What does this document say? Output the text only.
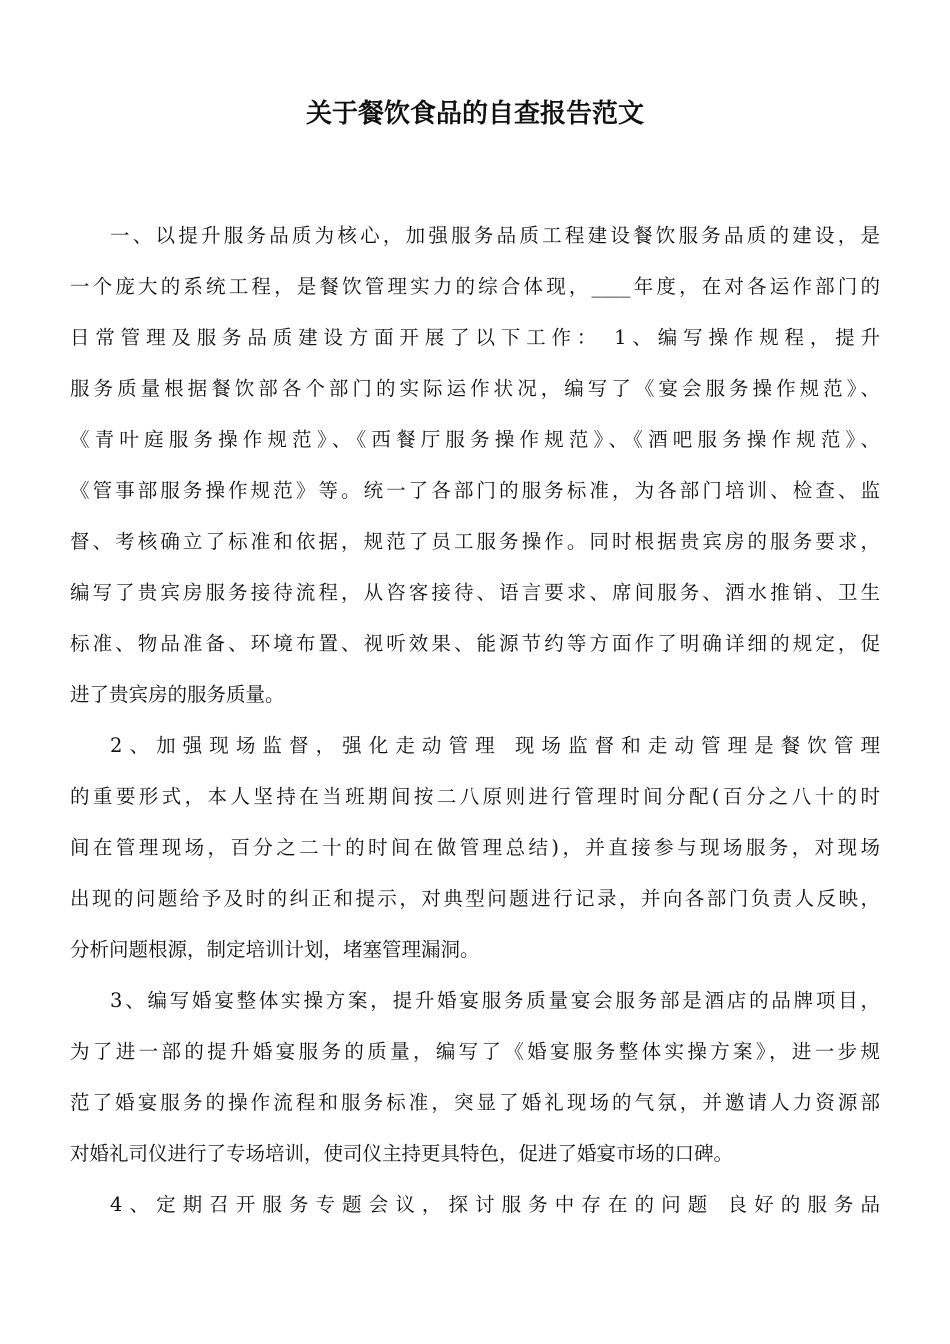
关于餐饮食品的自查报告范文
一、以提升服务品质为核心，加强服务品质工程建设餐饮服务品质的建设，是
一个庞大的系统工程，是餐饮管理实力的综合体现，____年度，在对各运作部门的
日常管理及服务品质建设方面开展了以下工作： 1、编写操作规程，提升
服务质量根据餐饮部各个部门的实际运作状况，编写了《宴会服务操作规范》、
《青叶庭服务操作规范》、《西餐厅服务操作规范》、《酒吧服务操作规范》、
《管事部服务操作规范》等。统一了各部门的服务标准，为各部门培训、检查、监
督、考核确立了标准和依据，规范了员工服务操作。同时根据贵宾房的服务要求，
编写了贵宾房服务接待流程，从咨客接待、语言要求、席间服务、酒水推销、卫生
标准、物品准备、环境布置、视听效果、能源节约等方面作了明确详细的规定，促
进了贵宾房的服务质量。
2、加强现场监督，强化走动管理 现场监督和走动管理是餐饮管理
的重要形式，本人坚持在当班期间按二八原则进行管理时间分配(百分之八十的时
间在管理现场，百分之二十的时间在做管理总结)，并直接参与现场服务，对现场
出现的问题给予及时的纠正和提示，对典型问题进行记录，并向各部门负责人反映，
分析问题根源，制定培训计划，堵塞管理漏洞。
3、编写婚宴整体实操方案，提升婚宴服务质量宴会服务部是酒店的品牌项目，
为了进一部的提升婚宴服务的质量，编写了《婚宴服务整体实操方案》，进一步规
范了婚宴服务的操作流程和服务标准，突显了婚礼现场的气氛，并邀请人力资源部
对婚礼司仪进行了专场培训，使司仪主持更具特色，促进了婚宴市场的口碑。
4、定期召开服务专题会议，探讨服务中存在的问题 良好的服务品
